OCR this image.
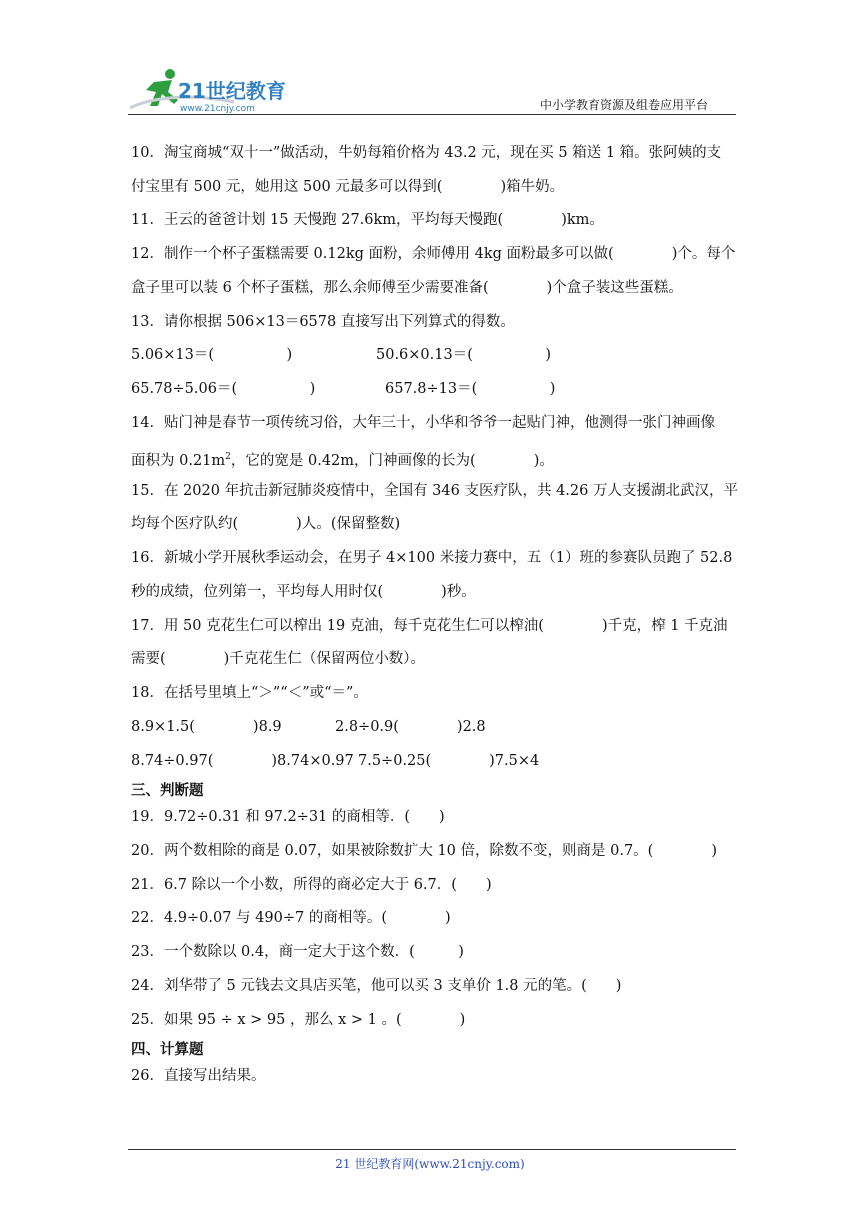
21世纪教育
www.21cnjy.com	中小学教育资源及组卷应用平台
10．淘宝商城“双十一”做活动，牛奶每箱价格为 43.2 元，现在买 5 箱送 1 箱。张阿姨的支
付宝里有 500 元，她用这 500 元最多可以得到(　　　　)箱牛奶。
11．王云的爸爸计划 15 天慢跑 27.6km，平均每天慢跑(　　　　)km。
12．制作一个杯子蛋糕需要 0.12kg 面粉，余师傅用 4kg 面粉最多可以做(　　　　)个。每个
盒子里可以装 6 个杯子蛋糕，那么余师傅至少需要准备(　　　　)个盒子装这些蛋糕。
13．请你根据 506×13＝6578 直接写出下列算式的得数。
5.06×13＝(　　　　　)	50.6×0.13＝(　　　　　)
65.78÷5.06＝(　　　　　)	657.8÷13＝(　　　　　)
14．贴门神是春节一项传统习俗，大年三十，小华和爷爷一起贴门神，他测得一张门神画像
面积为 $0.21m^2$，它的宽是 0.42m，门神画像的长为(　　　　)。
15．在 2020 年抗击新冠肺炎疫情中，全国有 346 支医疗队，共 4.26 万人支援湖北武汉，平
均每个医疗队约(　　　　)人。(保留整数)
16．新城小学开展秋季运动会，在男子 4×100 米接力赛中，五（1）班的参赛队员跑了 52.8
秒的成绩，位列第一，平均每人用时仅(　　　　)秒。
17．用 50 克花生仁可以榨出 19 克油，每千克花生仁可以榨油(　　　　)千克，榨 1 千克油
需要(　　　　)千克花生仁（保留两位小数）。
18．在括号里填上“＞”“＜”或“＝”。
8.9×1.5(　　　　)8.9	2.8÷0.9(　　　　)2.8
8.74÷0.97(　　　　)8.74×0.97 7.5÷0.25(　　　　)7.5×4
三、判断题
19．9.72÷0.31 和 97.2÷31 的商相等．(　　)
20．两个数相除的商是 0.07，如果被除数扩大 10 倍，除数不变，则商是 0.7。(　　　　)
21．6.7 除以一个小数，所得的商必定大于 6.7．(　　)
22．4.9÷0.07 与 490÷7 的商相等。(　　　　)
23．一个数除以 0.4，商一定大于这个数．(　　　)
24．刘华带了 5 元钱去文具店买笔，他可以买 3 支单价 1.8 元的笔。(　　)
25．如果 95 ÷ x > 95 ，那么 x > 1 。(　　　　)
四、计算题
26．直接写出结果。
21 世纪教育网(www.21cnjy.com)
